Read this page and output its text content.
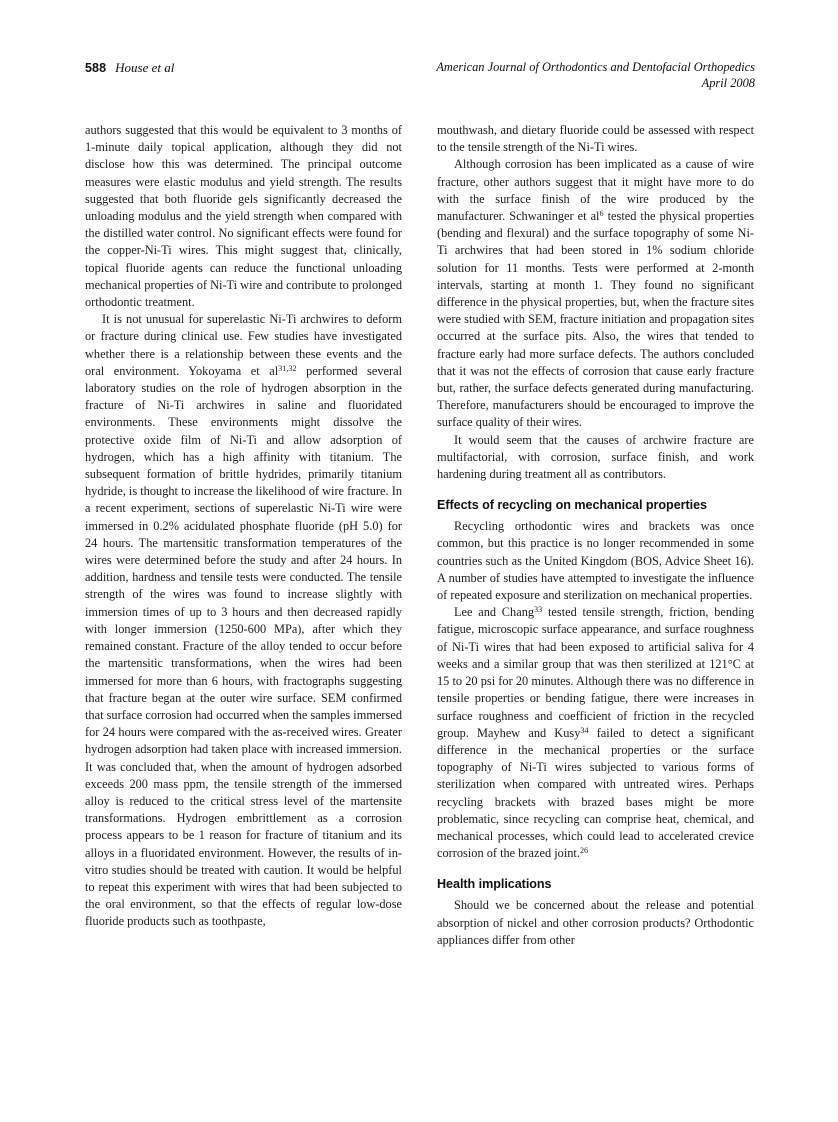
588 House et al	American Journal of Orthodontics and Dentofacial Orthopedics
April 2008

authors suggested that this would be equivalent to 3 months of 1-minute daily topical application, although they did not disclose how this was determined. The principal outcome measures were elastic modulus and yield strength. The results suggested that both fluoride gels significantly decreased the unloading modulus and the yield strength when compared with the distilled water control. No significant effects were found for the copper-Ni-Ti wires. This might suggest that, clinically, topical fluoride agents can reduce the functional unloading mechanical properties of Ni-Ti wire and contribute to prolonged orthodontic treatment.

It is not unusual for superelastic Ni-Ti archwires to deform or fracture during clinical use. Few studies have investigated whether there is a relationship between these events and the oral environment. Yokoyama et al$^{31,32}$ performed several laboratory studies on the role of hydrogen absorption in the fracture of Ni-Ti archwires in saline and fluoridated environments. These environments might dissolve the protective oxide film of Ni-Ti and allow adsorption of hydrogen, which has a high affinity with titanium. The subsequent formation of brittle hydrides, primarily titanium hydride, is thought to increase the likelihood of wire fracture. In a recent experiment, sections of superelastic Ni-Ti wire were immersed in 0.2% acidulated phosphate fluoride (pH 5.0) for 24 hours. The martensitic transformation temperatures of the wires were determined before the study and after 24 hours. In addition, hardness and tensile tests were conducted. The tensile strength of the wires was found to increase slightly with immersion times of up to 3 hours and then decreased rapidly with longer immersion (1250-600 MPa), after which they remained constant. Fracture of the alloy tended to occur before the martensitic transformations, when the wires had been immersed for more than 6 hours, with fractographs suggesting that fracture began at the outer wire surface. SEM confirmed that surface corrosion had occurred when the samples immersed for 24 hours were compared with the as-received wires. Greater hydrogen adsorption had taken place with increased immersion. It was concluded that, when the amount of hydrogen adsorbed exceeds 200 mass ppm, the tensile strength of the immersed alloy is reduced to the critical stress level of the martensite transformations. Hydrogen embrittlement as a corrosion process appears to be 1 reason for fracture of titanium and its alloys in a fluoridated environment. However, the results of in-vitro studies should be treated with caution. It would be helpful to repeat this experiment with wires that had been subjected to the oral environment, so that the effects of regular low-dose fluoride products such as toothpaste,

mouthwash, and dietary fluoride could be assessed with respect to the tensile strength of the Ni-Ti wires.

Although corrosion has been implicated as a cause of wire fracture, other authors suggest that it might have more to do with the surface finish of the wire produced by the manufacturer. Schwaninger et $al^6$ tested the physical properties (bending and flexural) and the surface topography of some Ni-Ti archwires that had been stored in 1% sodium chloride solution for 11 months. Tests were performed at 2-month intervals, starting at month 1. They found no significant difference in the physical properties, but, when the fracture sites were studied with SEM, fracture initiation and propagation sites occurred at the surface pits. Also, the wires that tended to fracture early had more surface defects. The authors concluded that it was not the effects of corrosion that cause early fracture but, rather, the surface defects generated during manufacturing. Therefore, manufacturers should be encouraged to improve the surface quality of their wires.

It would seem that the causes of archwire fracture are multifactorial, with corrosion, surface finish, and work hardening during treatment all as contributors.

Effects of recycling on mechanical properties

Recycling orthodontic wires and brackets was once common, but this practice is no longer recommended in some countries such as the United Kingdom (BOS, Advice Sheet 16). A number of studies have attempted to investigate the influence of repeated exposure and sterilization on mechanical properties.

Lee and Chang$^{33}$ tested tensile strength, friction, bending fatigue, microscopic surface appearance, and surface roughness of Ni-Ti wires that had been exposed to artificial saliva for 4 weeks and a similar group that was then sterilized at 121°C at 15 to 20 psi for 20 minutes. Although there was no difference in tensile properties or bending fatigue, there were increases in surface roughness and coefficient of friction in the recycled group. Mayhew and Kusy$^{34}$ failed to detect a significant difference in the mechanical properties or the surface topography of Ni-Ti wires subjected to various forms of sterilization when compared with untreated wires. Perhaps recycling brackets with brazed bases might be more problematic, since recycling can comprise heat, chemical, and mechanical processes, which could lead to accelerated crevice corrosion of the brazed joint.$^{26}$

Health implications

Should we be concerned about the release and potential absorption of nickel and other corrosion products? Orthodontic appliances differ from other
